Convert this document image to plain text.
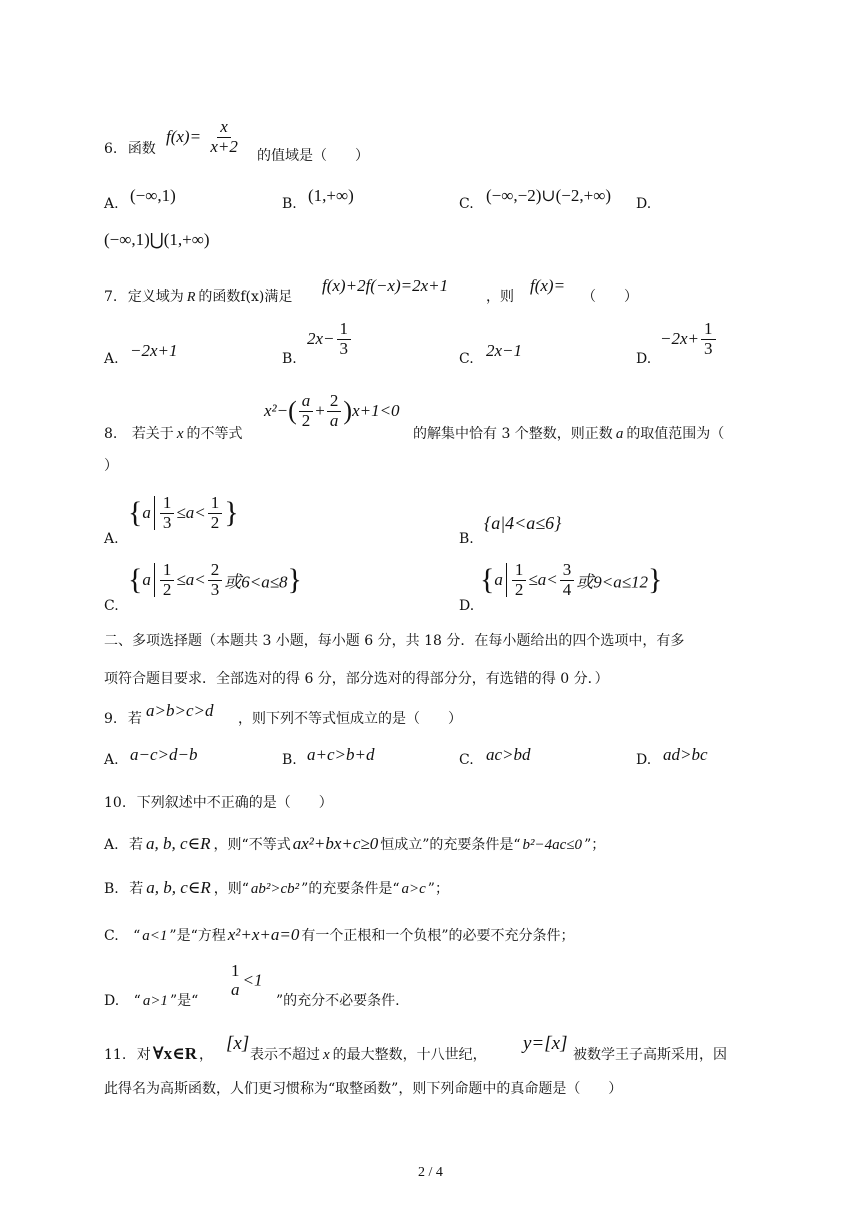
6. 函数
$f(x)= \frac{x}{x+2}$ 的值域是（　　）
A. (−∞,1)	B. (1,+∞)	C. (−∞,−2)∪(−2,+∞) D.
(−∞,1)⋃(1,+∞)
7. 定义域为 R 的函数f(x)满足
f(x)+2f(−x)=2x+1
，则
f(x)=
（　　）
A. −2x+1	B.
$2x- \frac{1}{3}$
C. 2x−1	D.
$-2x+ \frac{1}{3}$
8. 若关于 x 的不等式
$x^2-( \frac{a}{2} + \frac{2}{a} )x+1<0$
的解集中恰有 3 个整数，则正数 a 的取值范围为（
）
A.
{$a \frac{1}{3} \le a< \frac{1}{2}$ }
B.
{a|4<a≤6}
C.
{$a \frac{1}{2} \le a< \frac{2}{3}$ 或6<a≤8}
D.
{$a \frac{1}{2} \le a< \frac{3}{4}$ 或9<a≤12}
二、多项选择题（本题共 3 小题，每小题 6 分，共 18 分．在每小题给出的四个选项中，有多
项符合题目要求．全部选对的得 6 分，部分选对的得部分分，有选错的得 0 分．）
9. 若 a>b>c>d ，则下列不等式恒成立的是（　　）
A. a−c>d−b	B. a+c>b+d	C. ac>bd	D. ad>bc
10. 下列叙述中不正确的是（　　）
A. 若 a, b, c∈R ，则“不等式 ax²+bx+c≥0 恒成立”的充要条件是“ b²−4ac≤0 ”；
B. 若 a, b, c∈R ，则“ ab²>cb² ”的充要条件是“ a>c ”；
C. “ a<1 ”是“方程 x²+x+a=0 有一个正根和一个负根”的必要不充分条件；
D. “ a>1 ”是“
1
a <1
”的充分不必要条件.
11. 对 ∀x∈R ，
[x]
表示不超过 x 的最大整数，十八世纪，
y=[x]
被数学王子高斯采用，因
此得名为高斯函数，人们更习惯称为“取整函数”，则下列命题中的真命题是（　　）
2 / 4
